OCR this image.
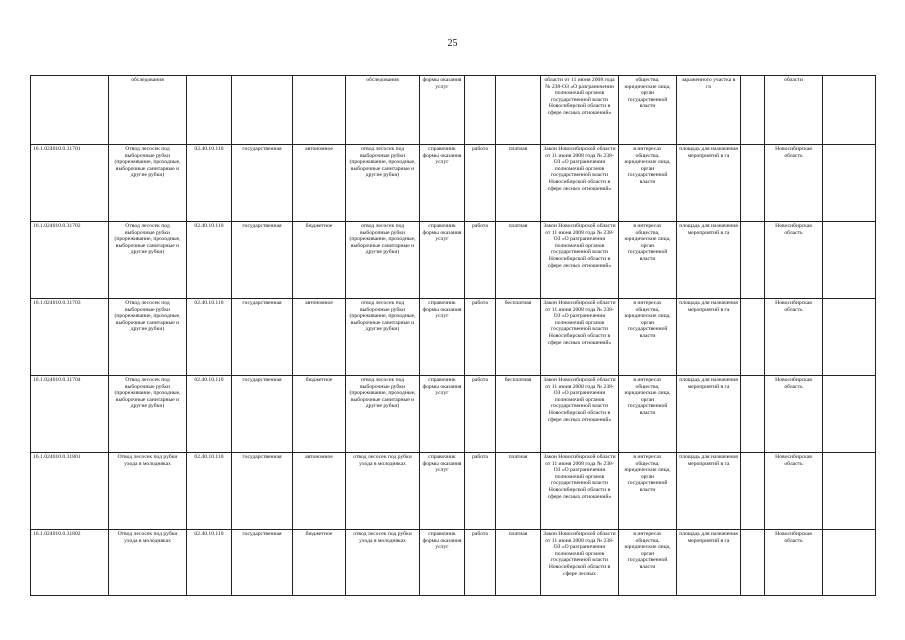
25
	обследования				обследования	формы оказания услуг			области от 11 июня 2008 года № 238-ОЗ «О разграничении полномочий органов государственной власти Новосибирской области в сфере лесных отношений»	общества, юридические лица, орган государственной власти	зараженного участка в га		области	
16.1.024010.0.31701	Отвод лесосек под выборочные рубки (прореживание, проходные, выборочные санитарные и другие рубки)	02.40.10.110	государственная	автономное	отвод лесосек под выборочные рубки (прореживание, проходные, выборочные санитарные и другие рубки)	справочник формы оказания услуг	работа	платная	Закон Новосибирской области от 11 июня 2008 года № 238-ОЗ «О разграничении полномочий органов государственной власти Новосибирской области в сфере лесных отношений»	в интересах общества, юридические лица, орган государственной власти	площадь для назначения мероприятий в га		Новосибирская область	
16.1.024010.0.31702	Отвод лесосек под выборочные рубки (прореживание, проходные, выборочные санитарные и другие рубки)	02.40.10.110	государственная	бюджетное	отвод лесосек под выборочные рубки (прореживание, проходные, выборочные санитарные и другие рубки)	справочник формы оказания услуг	работа	платная	Закон Новосибирской области от 11 июня 2008 года № 238-ОЗ «О разграничении полномочий органов государственной власти Новосибирской области в сфере лесных отношений»	в интересах общества, юридические лица, орган государственной власти	площадь для назначения мероприятий в га		Новосибирская область	
16.1.024010.0.31703	Отвод лесосек под выборочные рубки (прореживание, проходные, выборочные санитарные и другие рубки)	02.40.10.110	государственная	автономное	отвод лесосек под выборочные рубки (прореживание, проходные, выборочные санитарные и другие рубки)	справочник формы оказания услуг	работа	бесплатная	Закон Новосибирской области от 11 июня 2008 года № 238-ОЗ «О разграничении полномочий органов государственной власти Новосибирской области в сфере лесных отношений»	в интересах общества, юридические лица, орган государственной власти	площадь для назначения мероприятий в га		Новосибирская область	
16.1.024010.0.31704	Отвод лесосек под выборочные рубки (прореживание, проходные, выборочные санитарные и другие рубки)	02.40.10.110	государственная	бюджетное	отвод лесосек под выборочные рубки (прореживание, проходные, выборочные санитарные и другие рубки)	справочник формы оказания услуг	работа	бесплатная	Закон Новосибирской области от 11 июня 2008 года № 238-ОЗ «О разграничении полномочий органов государственной власти Новосибирской области в сфере лесных отношений»	в интересах общества, юридические лица, орган государственной власти	площадь для назначения мероприятий в га		Новосибирская область	
16.1.024010.0.31801	Отвод лесосек под рубки ухода в молодняках	02.40.10.110	государственная	автономное	отвод лесосек под рубки ухода в молодняках	справочник формы оказания услуг	работа	платная	Закон Новосибирской области от 11 июня 2008 года № 238-ОЗ «О разграничении полномочий органов государственной власти Новосибирской области в сфере лесных отношений»	в интересах общества, юридические лица, орган государственной власти	площадь для назначения мероприятий в га		Новосибирская область	
16.1.024010.0.31802	Отвод лесосек под рубки ухода в молодняках	02.40.10.110	государственная	бюджетное	отвод лесосек под рубки ухода в молодняках	справочник формы оказания услуг	работа	платная	Закон Новосибирской области от 11 июня 2008 года № 238-ОЗ «О разграничении полномочий органов государственной власти Новосибирской области в сфере лесных	в интересах общества, юридические лица, орган государственной власти	площадь для назначения мероприятий в га		Новосибирская область	
